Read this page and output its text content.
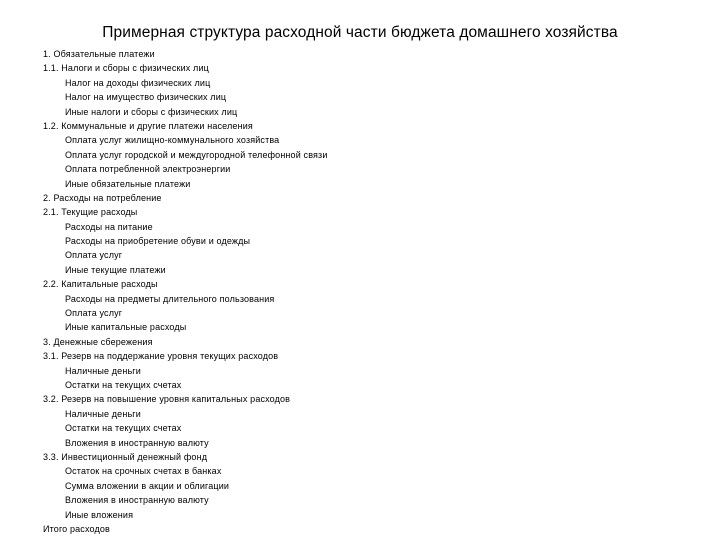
Примерная структура расходной части бюджета домашнего хозяйства
1. Обязательные платежи
1.1. Налоги и сборы с физических лиц
Налог на доходы физических лиц
Налог на имущество физических лиц
Иные налоги и сборы с физических лиц
1.2. Коммунальные и другие платежи населения
Оплата услуг жилищно-коммунального хозяйства
Оплата услуг городской и междугородной телефонной связи
Оплата потребленной электроэнергии
Иные обязательные платежи
2. Расходы на потребление
2.1. Текущие расходы
Расходы на питание
Расходы на приобретение обуви и одежды
Оплата услуг
Иные текущие платежи
2.2. Капитальные расходы
Расходы на предметы длительного пользования
Оплата услуг
Иные капитальные расходы
3. Денежные сбережения
3.1. Резерв на поддержание уровня текущих расходов
Наличные деньги
Остатки на текущих счетах
3.2. Резерв на повышение уровня капитальных расходов
Наличные деньги
Остатки на текущих счетах
Вложения в иностранную валюту
3.3. Инвестиционный денежный фонд
Остаток на срочных счетах в банках
Сумма вложении в акции и облигации
Вложения в иностранную валюту
Иные вложения
Итого расходов
